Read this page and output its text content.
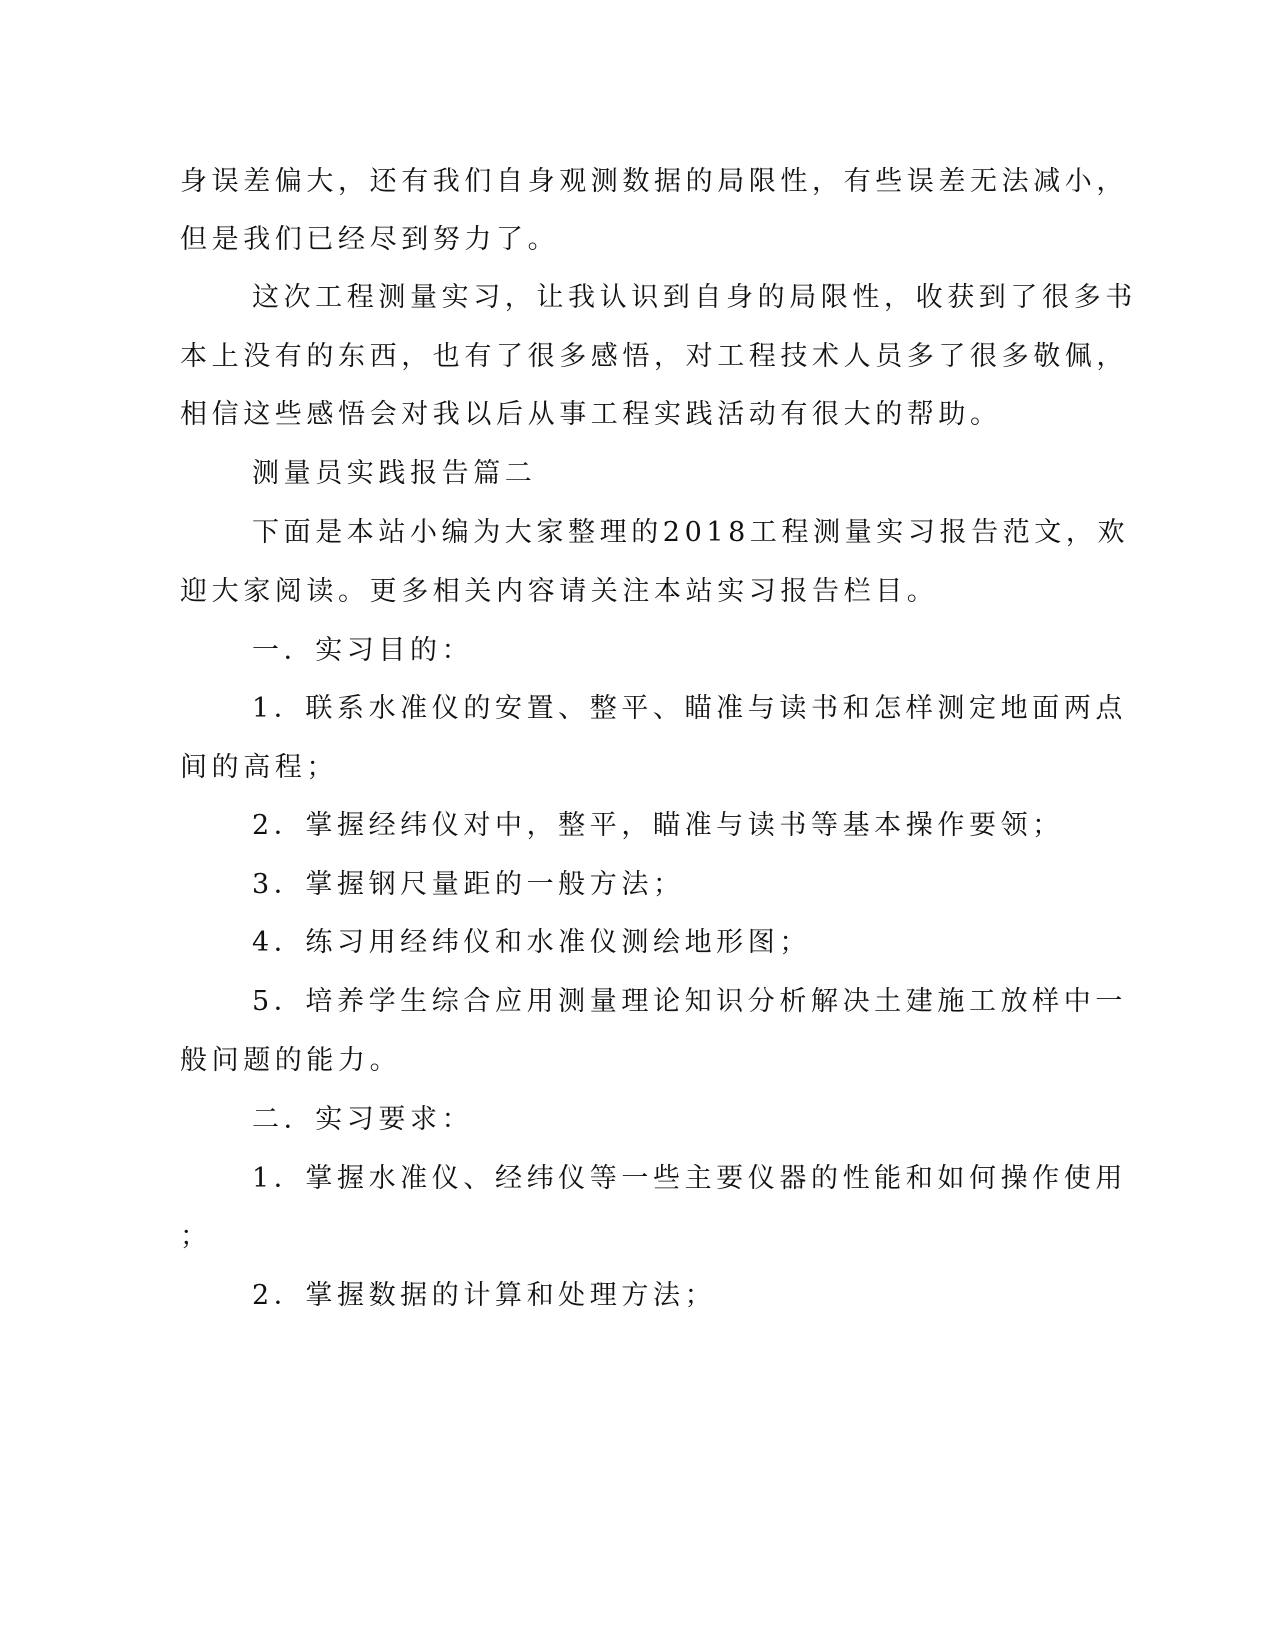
身误差偏大，还有我们自身观测数据的局限性，有些误差无法减小，
但是我们已经尽到努力了。
这次工程测量实习，让我认识到自身的局限性，收获到了很多书
本上没有的东西，也有了很多感悟，对工程技术人员多了很多敬佩，
相信这些感悟会对我以后从事工程实践活动有很大的帮助。
测量员实践报告篇二
下面是本站小编为大家整理的2018工程测量实习报告范文，欢
迎大家阅读。更多相关内容请关注本站实习报告栏目。
一．实习目的：
1．联系水准仪的安置、整平、瞄准与读书和怎样测定地面两点
间的高程；
2．掌握经纬仪对中，整平，瞄准与读书等基本操作要领；
3．掌握钢尺量距的一般方法；
4．练习用经纬仪和水准仪测绘地形图；
5．培养学生综合应用测量理论知识分析解决土建施工放样中一
般问题的能力。
二．实习要求：
1．掌握水准仪、经纬仪等一些主要仪器的性能和如何操作使用
；
2．掌握数据的计算和处理方法；
